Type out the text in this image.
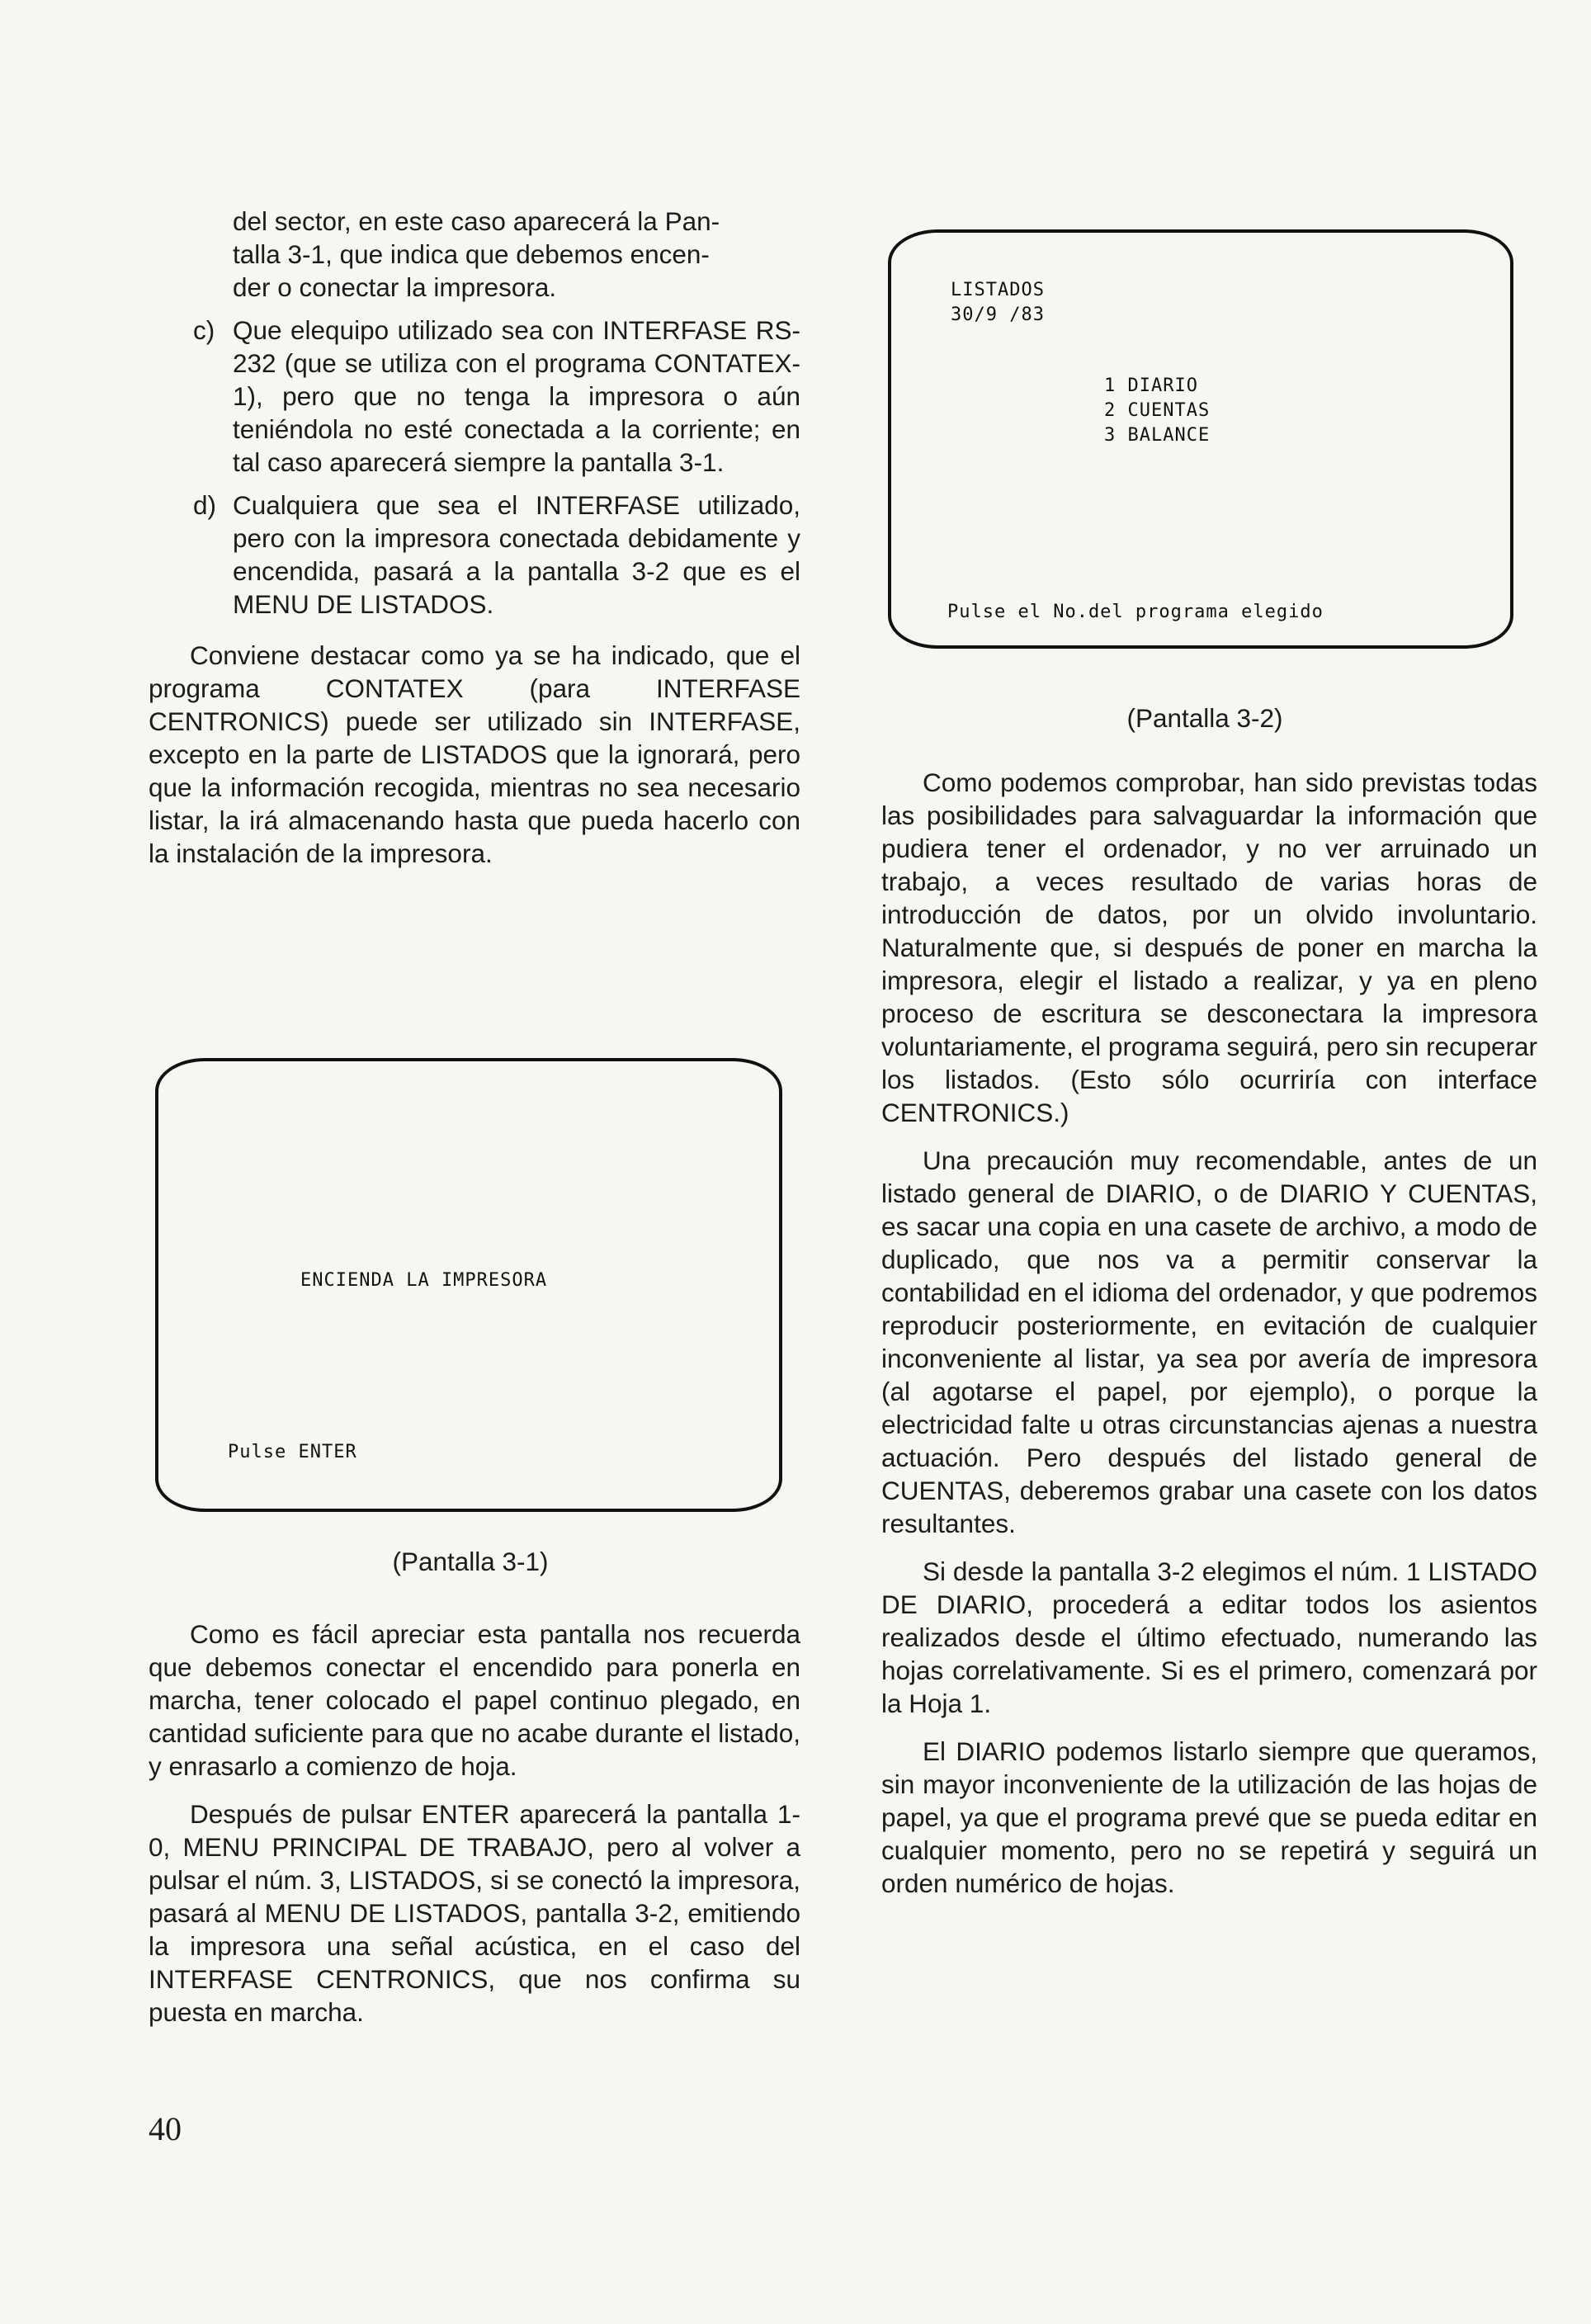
del sector, en este caso aparecerá la Pan-
talla 3-1, que indica que debemos encen-
der o conectar la impresora.
c) Que elequipo utilizado sea con INTERFASE RS-232 (que se utiliza con el programa CONTATEX-1), pero que no tenga la impresora o aún teniéndola no esté conectada a la corriente; en tal caso aparecerá siempre la pantalla 3-1.
d) Cualquiera que sea el INTERFASE utilizado, pero con la impresora conectada debidamente y encendida, pasará a la pantalla 3-2 que es el MENU DE LISTADOS.

Conviene destacar como ya se ha indicado, que el programa CONTATEX (para INTERFASE CENTRONICS) puede ser utilizado sin INTERFASE, excepto en la parte de LISTADOS que la ignorará, pero que la información recogida, mientras no sea necesario listar, la irá almacenando hasta que pueda hacerlo con la instalación de la impresora.

ENCIENDA LA IMPRESORA
Pulse ENTER
(Pantalla 3-1)

Como es fácil apreciar esta pantalla nos recuerda que debemos conectar el encendido para ponerla en marcha, tener colocado el papel continuo plegado, en cantidad suficiente para que no acabe durante el listado, y enrasarlo a comienzo de hoja.

Después de pulsar ENTER aparecerá la pantalla 1-0, MENU PRINCIPAL DE TRABAJO, pero al volver a pulsar el núm. 3, LISTADOS, si se conectó la impresora, pasará al MENU DE LISTADOS, pantalla 3-2, emitiendo la impresora una señal acústica, en el caso del INTERFASE CENTRONICS, que nos confirma su puesta en marcha.

LISTADOS
30/9 /83
1 DIARIO
2 CUENTAS
3 BALANCE
Pulse el No.del programa elegido
(Pantalla 3-2)

Como podemos comprobar, han sido previstas todas las posibilidades para salvaguardar la información que pudiera tener el ordenador, y no ver arruinado un trabajo, a veces resultado de varias horas de introducción de datos, por un olvido involuntario. Naturalmente que, si después de poner en marcha la impresora, elegir el listado a realizar, y ya en pleno proceso de escritura se desconectara la impresora voluntariamente, el programa seguirá, pero sin recuperar los listados. (Esto sólo ocurriría con interface CENTRONICS.)

Una precaución muy recomendable, antes de un listado general de DIARIO, o de DIARIO Y CUENTAS, es sacar una copia en una casete de archivo, a modo de duplicado, que nos va a permitir conservar la contabilidad en el idioma del ordenador, y que podremos reproducir posteriormente, en evitación de cualquier inconveniente al listar, ya sea por avería de impresora (al agotarse el papel, por ejemplo), o porque la electricidad falte u otras circunstancias ajenas a nuestra actuación. Pero después del listado general de CUENTAS, deberemos grabar una casete con los datos resultantes.

Si desde la pantalla 3-2 elegimos el núm. 1 LISTADO DE DIARIO, procederá a editar todos los asientos realizados desde el último efectuado, numerando las hojas correlativamente. Si es el primero, comenzará por la Hoja 1.

El DIARIO podemos listarlo siempre que queramos, sin mayor inconveniente de la utilización de las hojas de papel, ya que el programa prevé que se pueda editar en cualquier momento, pero no se repetirá y seguirá un orden numérico de hojas.

40
